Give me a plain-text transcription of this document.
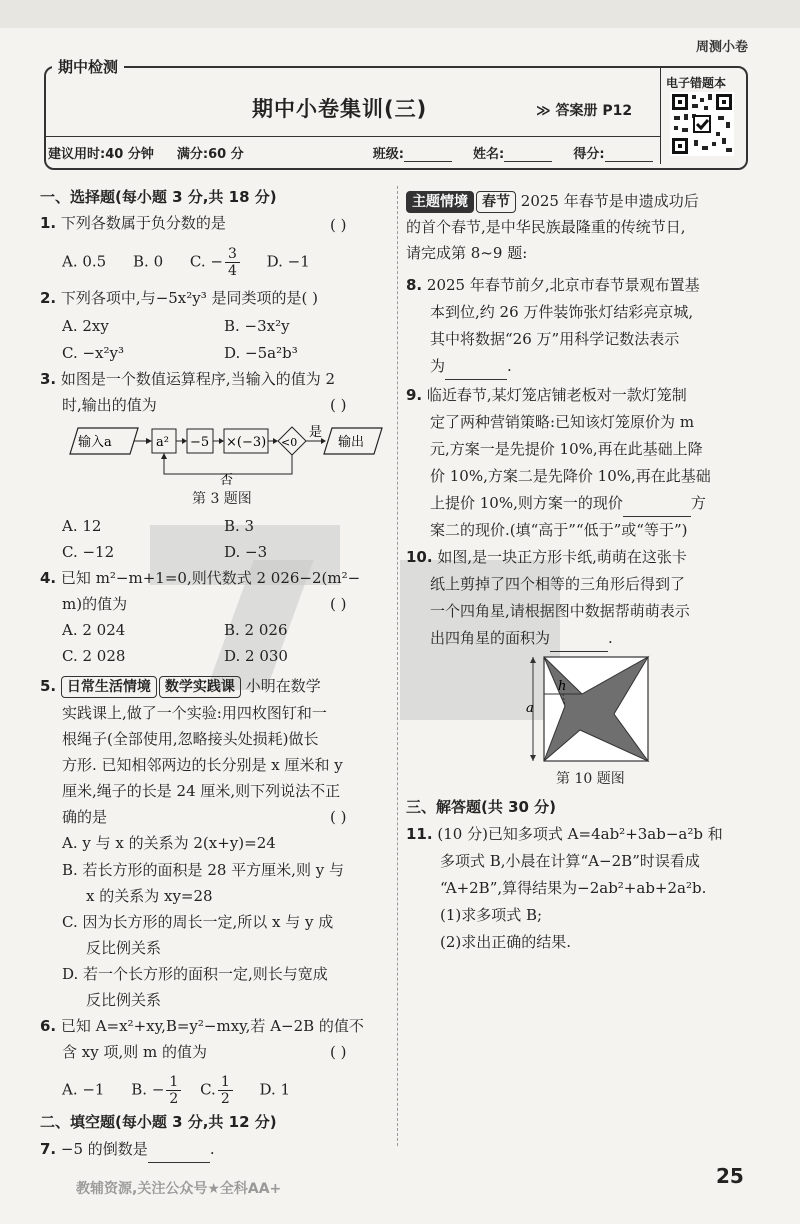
周测小卷
期中检测
期中小卷集训(三)	≫ 答案册 P12
电子错题本
建议用时:40 分钟 满分:60 分	班级:	姓名:	得分:
一、选择题(每小题 3 分,共 18 分)
1. 下列各数属于负分数的是	( )
A. 0.5 B. 0 C. − $\frac{3}{4} D$. −1
2. 下列各项中,与−5x²y³ 是同类项的是( )
A. 2xy	B. −3x²y
C. −x²y³	D. −5a²b³
3. 如图是一个数值运算程序,当输入的值为 2
时,输出的值为	( )
输入a	a² −5 ×(−3) <0
是
输出
否
第 3 题图
A. 12	B. 3
C. −12	D. −3
4. 已知 m²−m+1=0,则代数式 2 026−2(m²−
m)的值为	( )
A. 2 024	B. 2 026
C. 2 028	D. 2 030
5. 日常生活情境 数学实践课 小明在数学
实践课上,做了一个实验:用四枚图钉和一
根绳子(全部使用,忽略接头处损耗)做长
方形. 已知相邻两边的长分别是 x 厘米和 y
厘米,绳子的长是 24 厘米,则下列说法不正
确的是	( )
A. y 与 x 的关系为 2(x+y)=24
B. 若长方形的面积是 28 平方厘米,则 y 与
x 的关系为 xy=28
C. 因为长方形的周长一定,所以 x 与 y 成
反比例关系
D. 若一个长方形的面积一定,则长与宽成
反比例关系
6. 已知 A=x²+xy,B=y²−mxy,若 A−2B 的值不
含 xy 项,则 m 的值为	( )
A. −1 B. − $\frac{1}{2} C$. $\frac{1}{2} D$. 1
二、填空题(每小题 3 分,共 12 分)
7. −5 的倒数是	.
主题情境 春节 2025 年春节是申遗成功后
的首个春节,是中华民族最隆重的传统节日,
请完成第 8~9 题:
8. 2025 年春节前夕,北京市春节景观布置基
本到位,约 26 万件装饰张灯结彩亮京城,
其中将数据“26 万”用科学记数法表示
为	.
9. 临近春节,某灯笼店铺老板对一款灯笼制
定了两种营销策略:已知该灯笼原价为 m
元,方案一是先提价 10%,再在此基础上降
价 10%,方案二是先降价 10%,再在此基础
上提价 10%,则方案一的现价	方
案二的现价.(填“高于”“低于”或“等于”)
10. 如图,是一块正方形卡纸,萌萌在这张卡
纸上剪掉了四个相等的三角形后得到了
一个四角星,请根据图中数据帮萌萌表示
出四角星的面积为	.
a
h
第 10 题图
三、解答题(共 30 分)
11. (10 分)已知多项式 A=4ab²+3ab−a²b 和
多项式 B,小晨在计算“A−2B”时误看成
“A+2B”,算得结果为−2ab²+ab+2a²b.
(1)求多项式 B;
(2)求出正确的结果.
教辅资源,关注公众号★全科AA+
25
